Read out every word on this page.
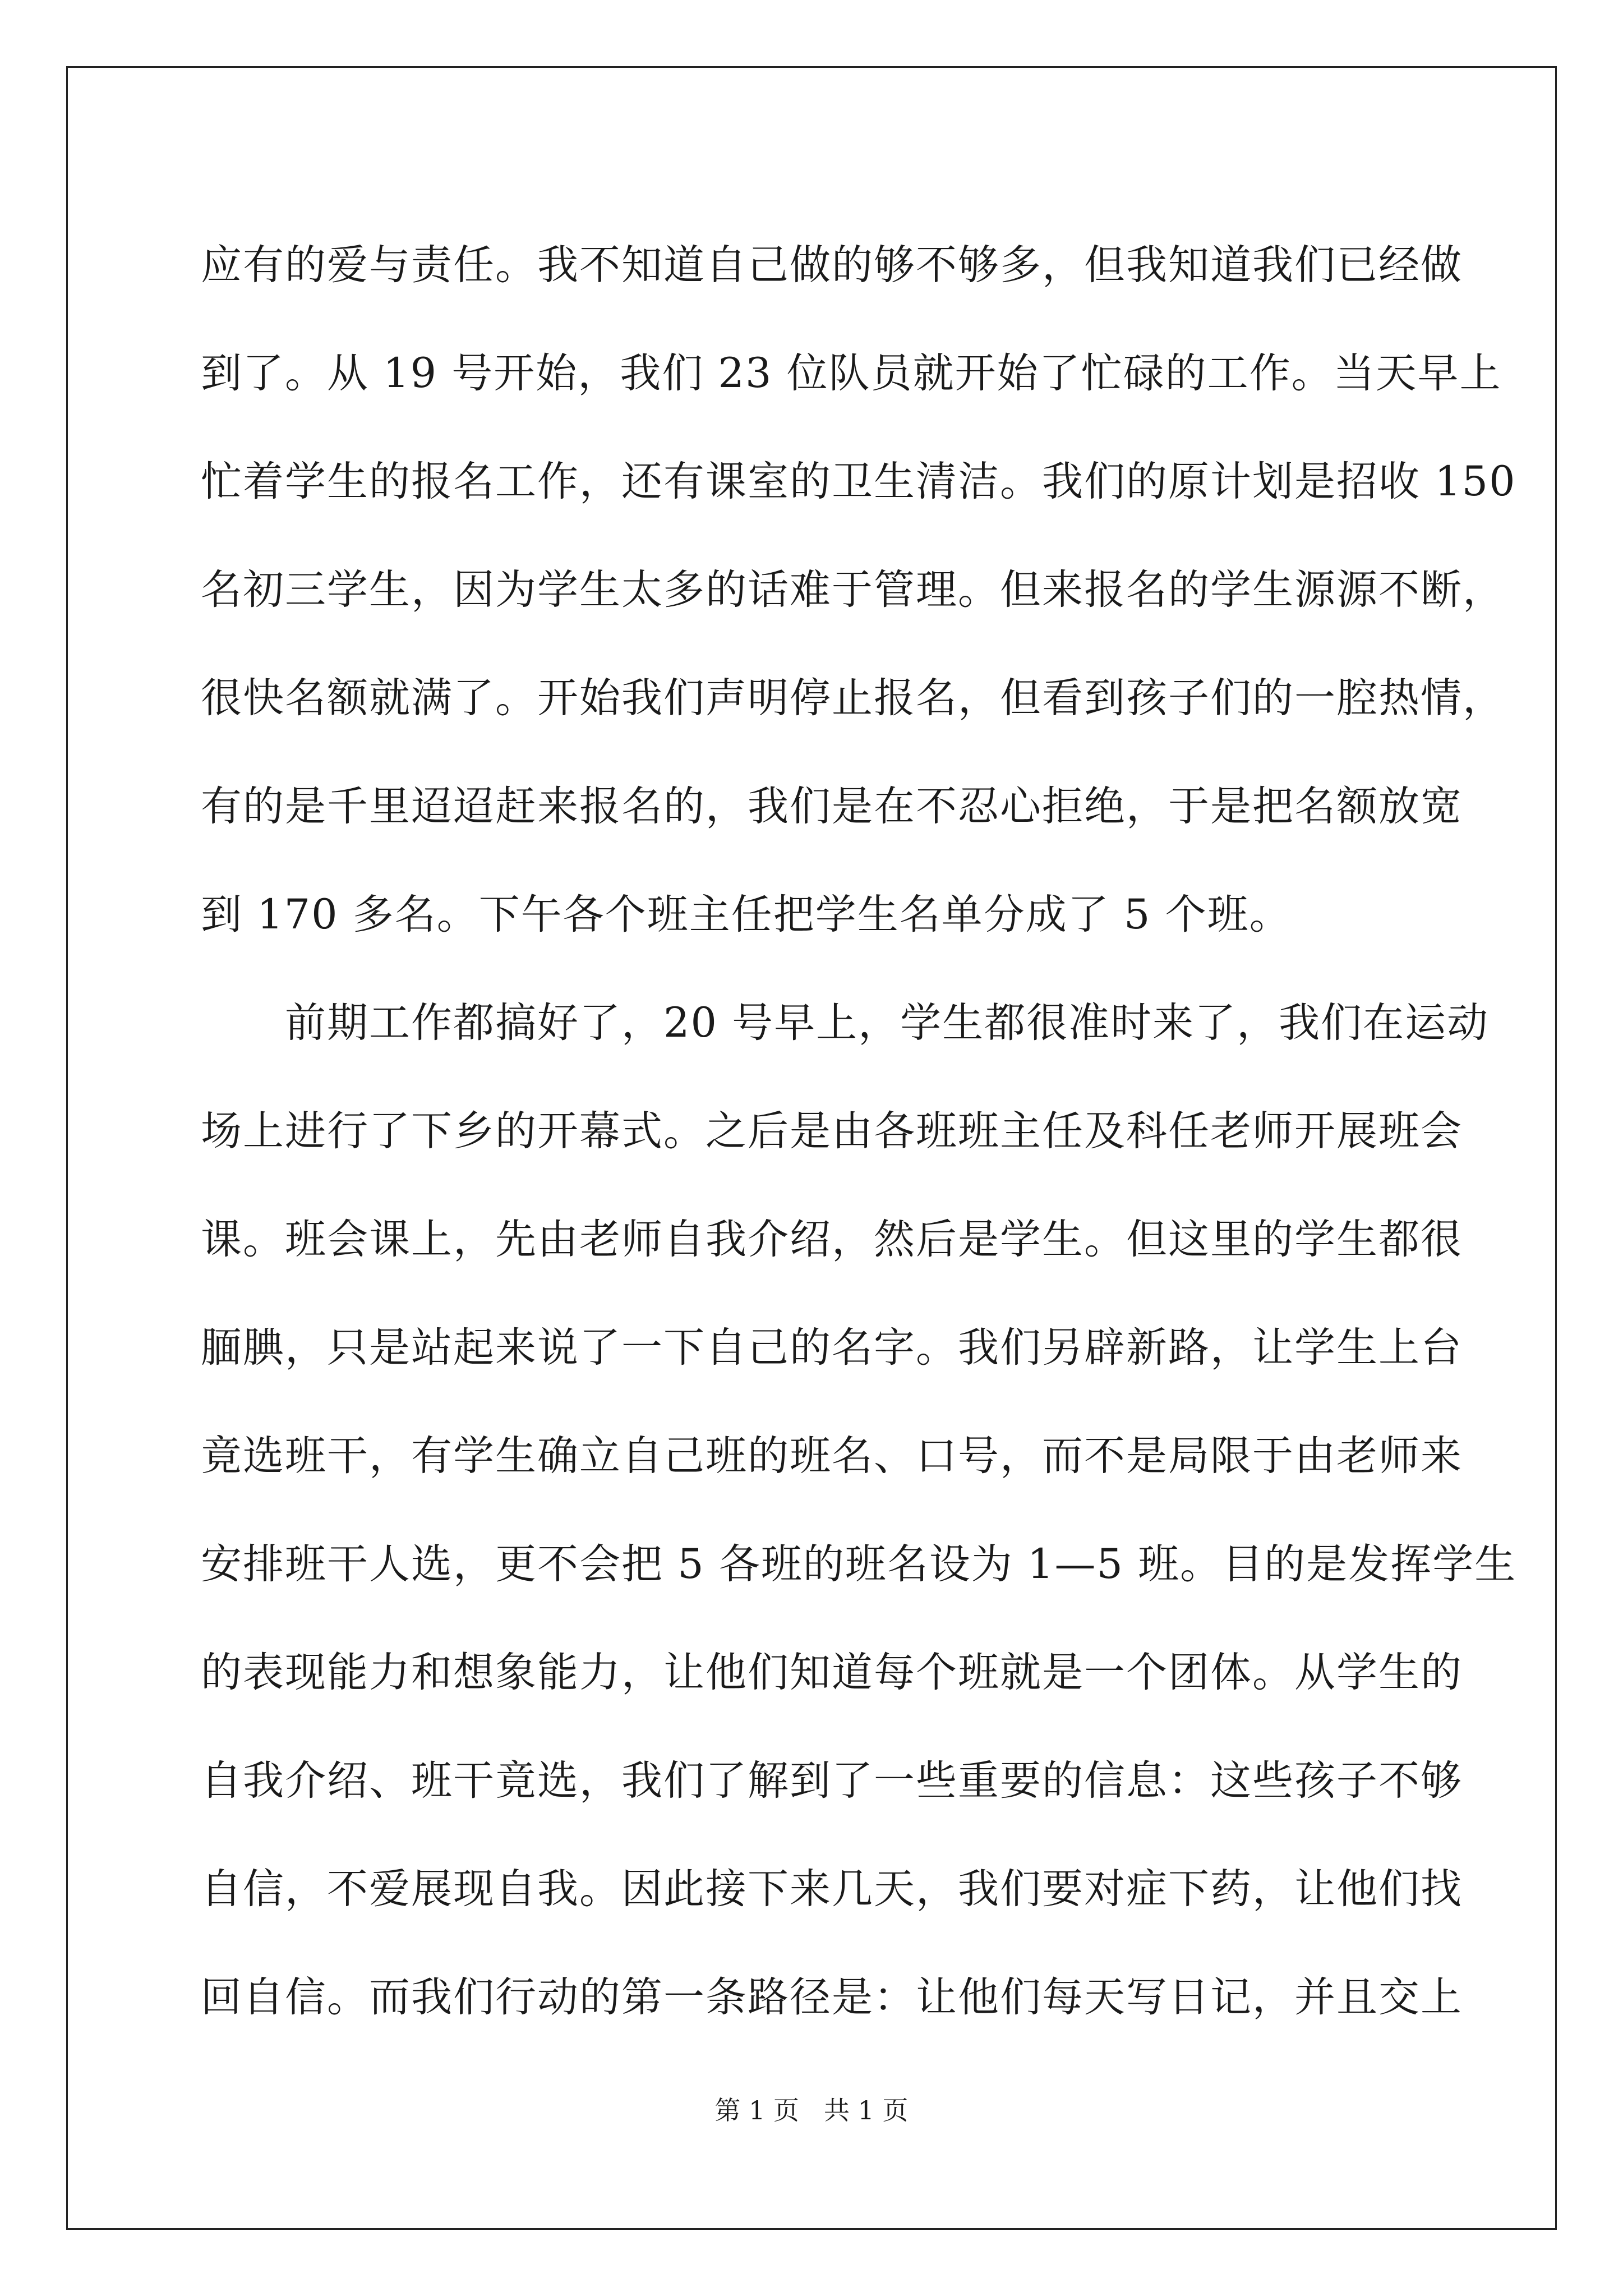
应有的爱与责任。我不知道自己做的够不够多，但我知道我们已经做
到了。从 19 号开始，我们 23 位队员就开始了忙碌的工作。当天早上
忙着学生的报名工作，还有课室的卫生清洁。我们的原计划是招收 150
名初三学生，因为学生太多的话难于管理。但来报名的学生源源不断，
很快名额就满了。开始我们声明停止报名，但看到孩子们的一腔热情，
有的是千里迢迢赶来报名的，我们是在不忍心拒绝，于是把名额放宽
到 170 多名。下午各个班主任把学生名单分成了 5 个班。
前期工作都搞好了，20 号早上，学生都很准时来了，我们在运动
场上进行了下乡的开幕式。之后是由各班班主任及科任老师开展班会
课。班会课上，先由老师自我介绍，然后是学生。但这里的学生都很
腼腆，只是站起来说了一下自己的名字。我们另辟新路，让学生上台
竟选班干，有学生确立自己班的班名、口号，而不是局限于由老师来
安排班干人选，更不会把 5 各班的班名设为 1—5 班。目的是发挥学生
的表现能力和想象能力，让他们知道每个班就是一个团体。从学生的
自我介绍、班干竟选，我们了解到了一些重要的信息：这些孩子不够
自信，不爱展现自我。因此接下来几天，我们要对症下药，让他们找
回自信。而我们行动的第一条路径是：让他们每天写日记，并且交上
第 1 页 共 1 页
